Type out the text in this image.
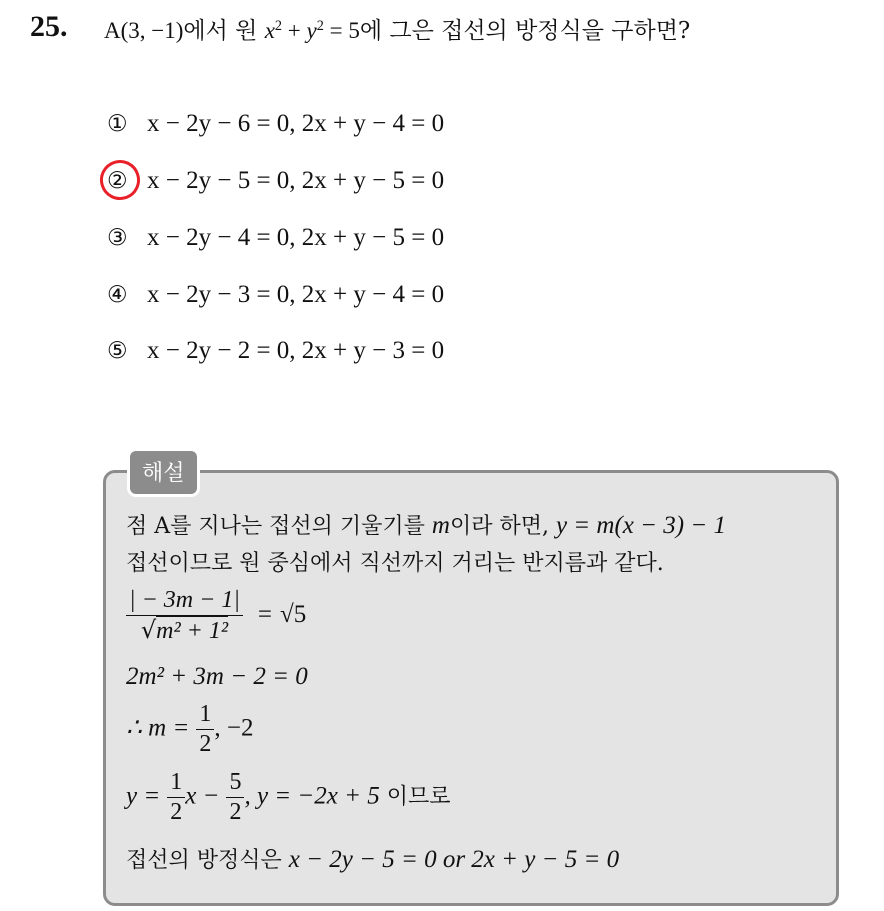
25. A(3, −1)에서 원 $x^2 + y^2 = 5$에 그은 접선의 방정식을 구하면?
① x − 2y − 6 = 0, 2x + y − 4 = 0
② x − 2y − 5 = 0, 2x + y − 5 = 0
③ x − 2y − 4 = 0, 2x + y − 5 = 0
④ x − 2y − 3 = 0, 2x + y − 4 = 0
⑤ x − 2y − 2 = 0, 2x + y − 3 = 0
해설
점 A를 지나는 접선의 기울기를 m이라 하면, y = m(x − 3) − 1
접선이므로 원 중심에서 직선까지 거리는 반지름과 같다.
$\frac{| - 3m - 1|}{\text{√m² + 1²}} = √5$
2m² + 3m − 2 = 0
∴ $m = \frac{1}{2}$ , −2
$y = \frac{1}{2}$ $x - \frac{5}{2}$ , y = −2x + 5 이므로
접선의 방정식은 x − 2y − 5 = 0 or 2x + y − 5 = 0
